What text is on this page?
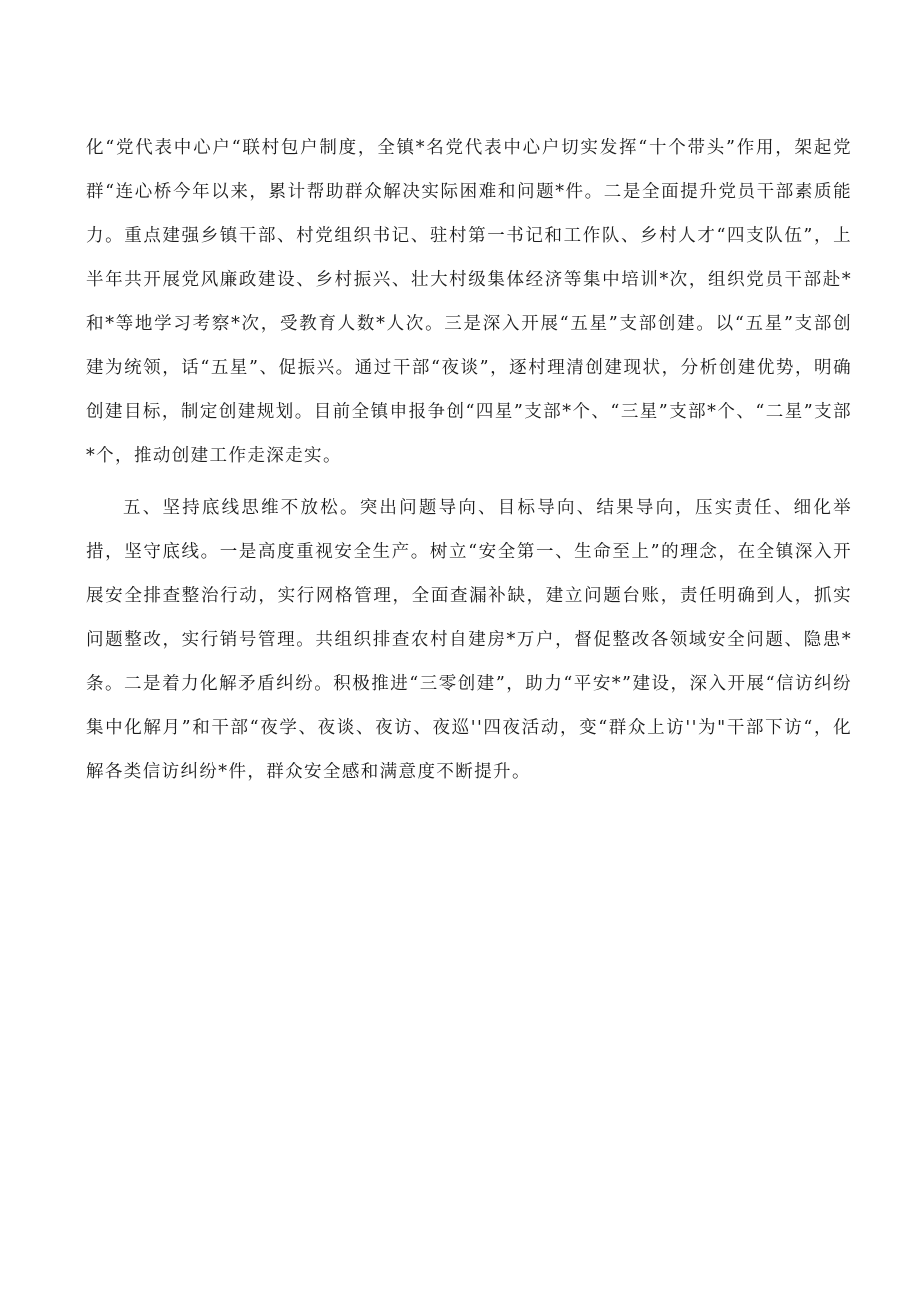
化“党代表中心户“联村包户制度，全镇*名党代表中心户切实发挥“十个带头”作用，架起党群“连心桥今年以来，累计帮助群众解决实际困难和问题*件。二是全面提升党员干部素质能力。重点建强乡镇干部、村党组织书记、驻村第一书记和工作队、乡村人才“四支队伍”，上半年共开展党风廉政建设、乡村振兴、壮大村级集体经济等集中培训*次，组织党员干部赴*和*等地学习考察*次，受教育人数*人次。三是深入开展“五星”支部创建。以“五星”支部创建为统领，话“五星”、促振兴。通过干部“夜谈”，逐村理清创建现状，分析创建优势，明确创建目标，制定创建规划。目前全镇申报争创“四星”支部*个、“三星”支部*个、“二星”支部*个，推动创建工作走深走实。

五、坚持底线思维不放松。突出问题导向、目标导向、结果导向，压实责任、细化举措，坚守底线。一是高度重视安全生产。树立“安全第一、生命至上”的理念，在全镇深入开展安全排查整治行动，实行网格管理，全面查漏补缺，建立问题台账，责任明确到人，抓实问题整改，实行销号管理。共组织排查农村自建房*万户，督促整改各领域安全问题、隐患*条。二是着力化解矛盾纠纷。积极推进“三零创建”，助力“平安*”建设，深入开展“信访纠纷集中化解月”和干部“夜学、夜谈、夜访、夜巡''四夜活动，变“群众上访''为"干部下访“，化解各类信访纠纷*件，群众安全感和满意度不断提升。
